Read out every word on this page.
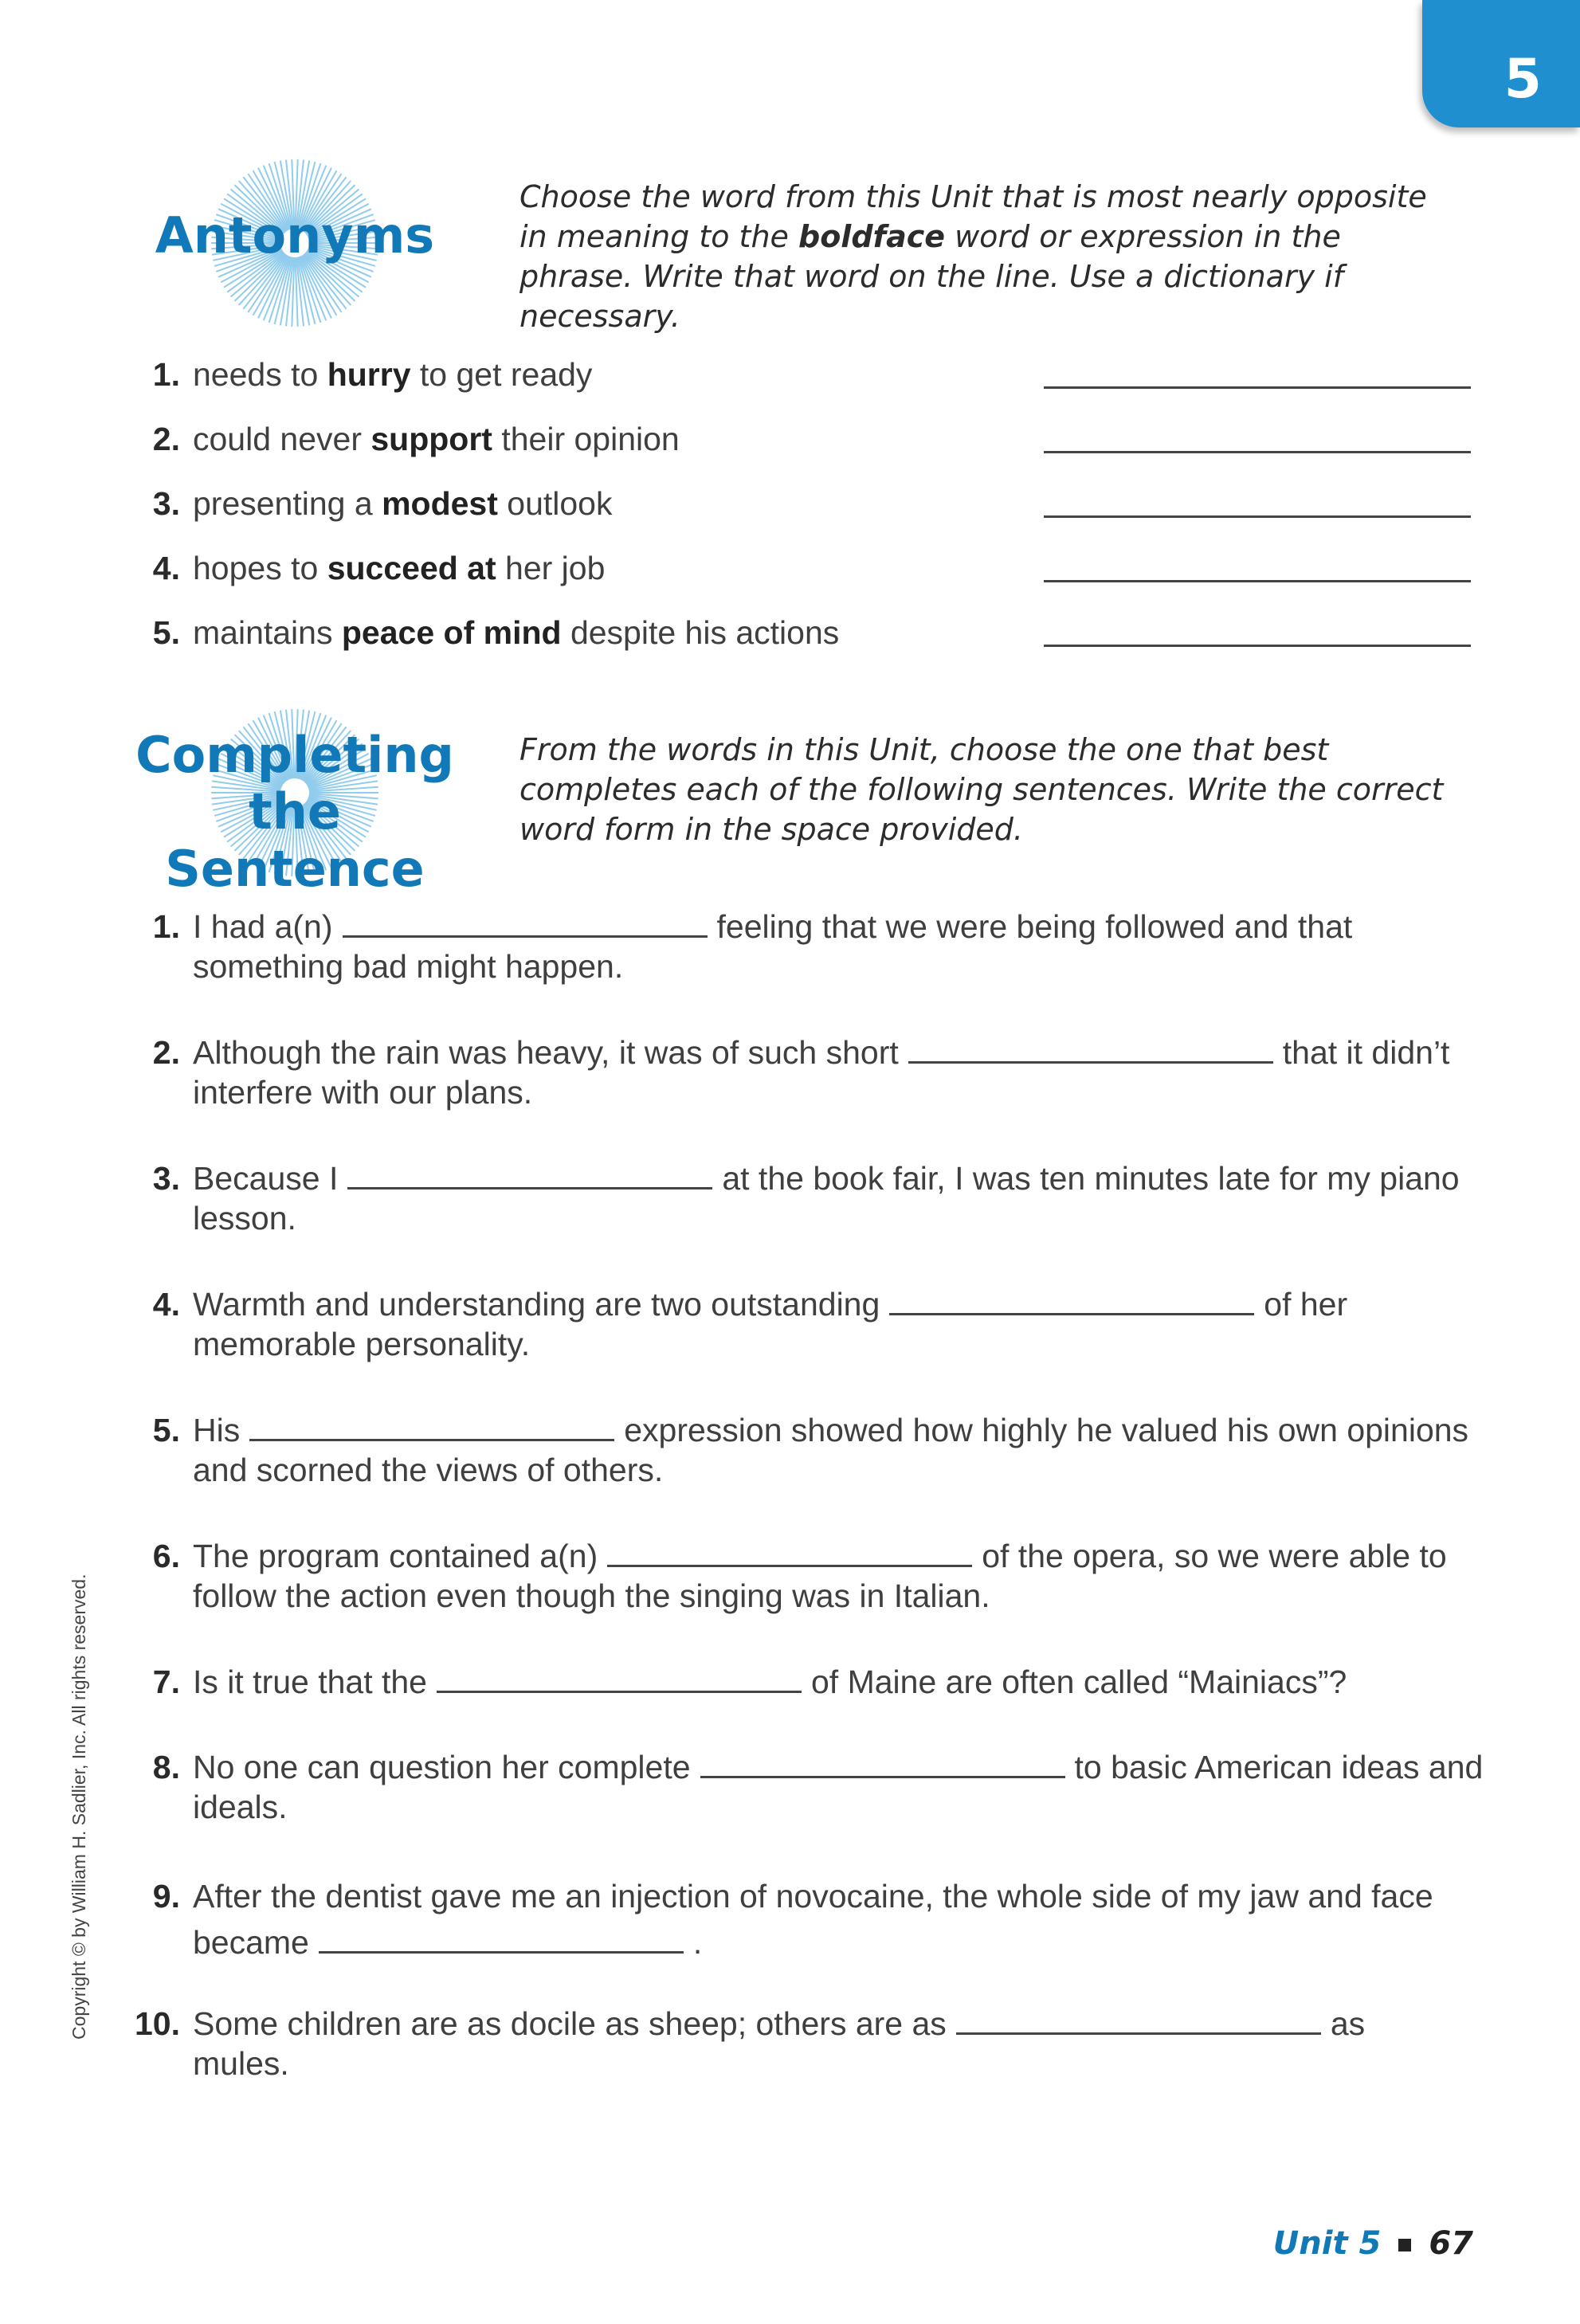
5
Antonyms
Choose the word from this Unit that is most nearly opposite in meaning to the boldface word or expression in the phrase. Write that word on the line. Use a dictionary if necessary.
1. needs to hurry to get ready
2. could never support their opinion
3. presenting a modest outlook
4. hopes to succeed at her job
5. maintains peace of mind despite his actions
Completing
the Sentence
From the words in this Unit, choose the one that best completes each of the following sentences. Write the correct word form in the space provided.
1. I had a(n)	feeling that we were being followed and that something bad might happen.
2. Although the rain was heavy, it was of such short	that it didn’t interfere with our plans.
3. Because I	at the book fair, I was ten minutes late for my piano lesson.
4. Warmth and understanding are two outstanding	of her memorable personality.
5. His	expression showed how highly he valued his own opinions and scorned the views of others.
6. The program contained a(n)	of the opera, so we were able to follow the action even though the singing was in Italian.
7. Is it true that the	of Maine are often called “Mainiacs”?
8. No one can question her complete	to basic American ideas and ideals.
9. After the dentist gave me an injection of novocaine, the whole side of my jaw and face became	.
10. Some children are as docile as sheep; others are as	as mules.
Copyright © by William H. Sadlier, Inc. All rights reserved.
Unit 5 67
